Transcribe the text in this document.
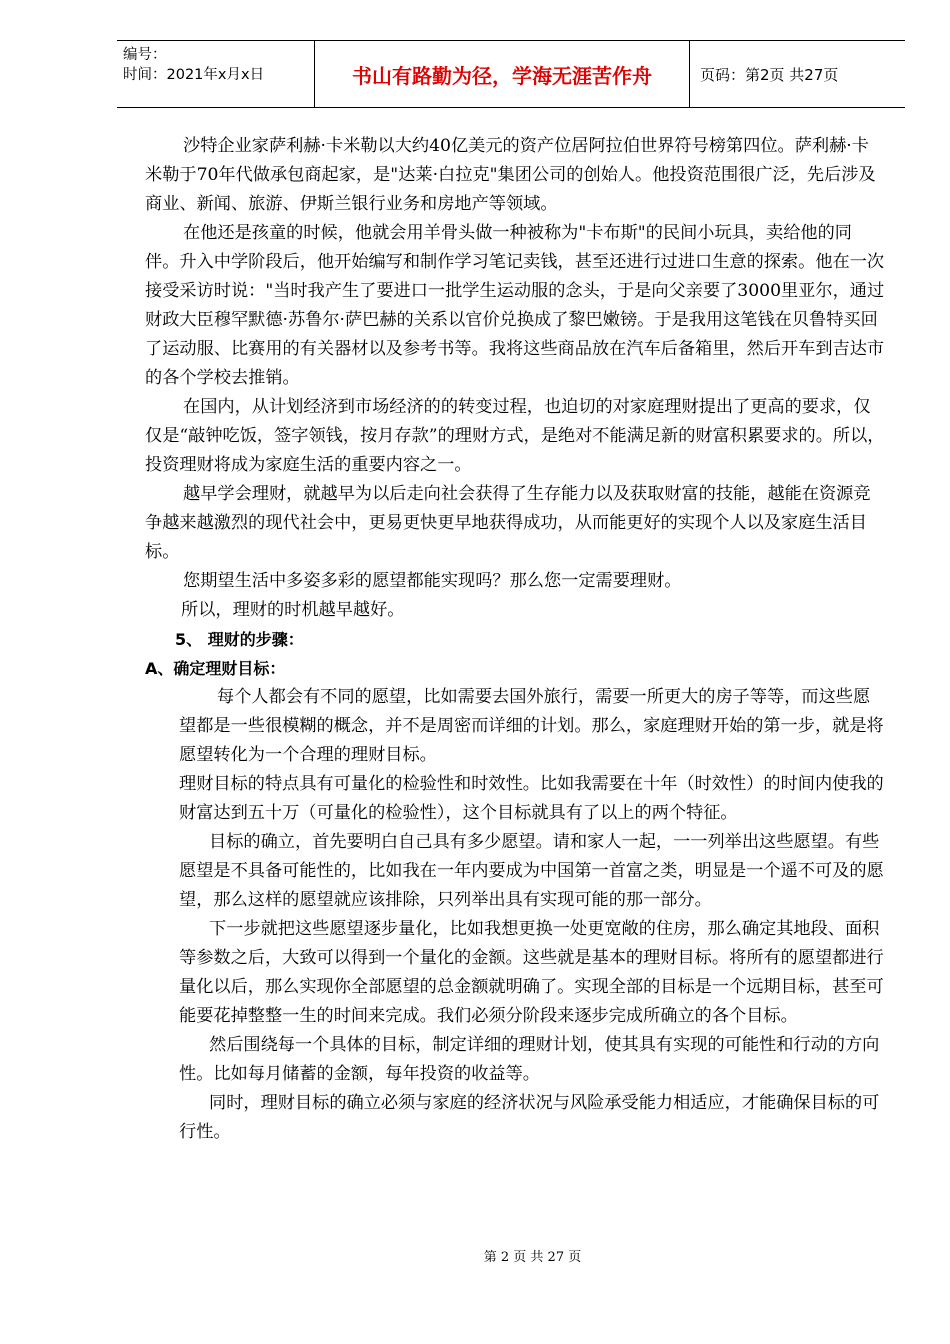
编号：
时间：2021年x月x日	书山有路勤为径，学海无涯苦作舟	页码：第2页 共27页

沙特企业家萨利赫·卡米勒以大约40亿美元的资产位居阿拉伯世界符号榜第四位。萨利赫·卡米勒于70年代做承包商起家，是"达莱·白拉克"集团公司的创始人。他投资范围很广泛，先后涉及商业、新闻、旅游、伊斯兰银行业务和房地产等领域。

在他还是孩童的时候，他就会用羊骨头做一种被称为"卡布斯"的民间小玩具，卖给他的同伴。升入中学阶段后，他开始编写和制作学习笔记卖钱，甚至还进行过进口生意的探索。他在一次接受采访时说："当时我产生了要进口一批学生运动服的念头，于是向父亲要了3000里亚尔，通过财政大臣穆罕默德·苏鲁尔·萨巴赫的关系以官价兑换成了黎巴嫩镑。于是我用这笔钱在贝鲁特买回了运动服、比赛用的有关器材以及参考书等。我将这些商品放在汽车后备箱里，然后开车到吉达市的各个学校去推销。

在国内，从计划经济到市场经济的的转变过程，也迫切的对家庭理财提出了更高的要求，仅仅是“敲钟吃饭，签字领钱，按月存款”的理财方式，是绝对不能满足新的财富积累要求的。所以，投资理财将成为家庭生活的重要内容之一。

越早学会理财，就越早为以后走向社会获得了生存能力以及获取财富的技能，越能在资源竞争越来越激烈的现代社会中，更易更快更早地获得成功，从而能更好的实现个人以及家庭生活目标。

您期望生活中多姿多彩的愿望都能实现吗？那么您一定需要理财。

所以，理财的时机越早越好。

5、 理财的步骤：

A、确定理财目标：

每个人都会有不同的愿望，比如需要去国外旅行，需要一所更大的房子等等，而这些愿望都是一些很模糊的概念，并不是周密而详细的计划。那么，家庭理财开始的第一步，就是将愿望转化为一个合理的理财目标。

理财目标的特点具有可量化的检验性和时效性。比如我需要在十年（时效性）的时间内使我的财富达到五十万（可量化的检验性），这个目标就具有了以上的两个特征。

目标的确立，首先要明白自己具有多少愿望。请和家人一起，一一列举出这些愿望。有些愿望是不具备可能性的，比如我在一年内要成为中国第一首富之类，明显是一个遥不可及的愿望，那么这样的愿望就应该排除，只列举出具有实现可能的那一部分。

下一步就把这些愿望逐步量化，比如我想更换一处更宽敞的住房，那么确定其地段、面积等参数之后，大致可以得到一个量化的金额。这些就是基本的理财目标。将所有的愿望都进行量化以后，那么实现你全部愿望的总金额就明确了。实现全部的目标是一个远期目标，甚至可能要花掉整整一生的时间来完成。我们必须分阶段来逐步完成所确立的各个目标。

然后围绕每一个具体的目标，制定详细的理财计划，使其具有实现的可能性和行动的方向性。比如每月储蓄的金额，每年投资的收益等。

同时，理财目标的确立必须与家庭的经济状况与风险承受能力相适应，才能确保目标的可行性。

第 2 页 共 27 页
